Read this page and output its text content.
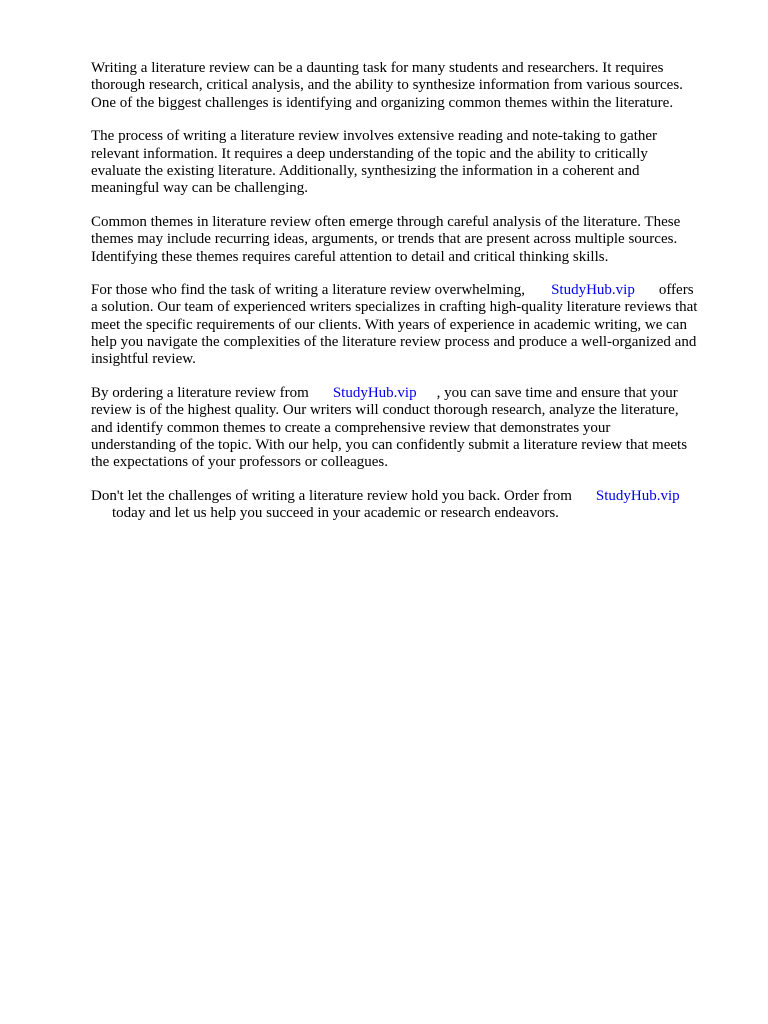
Writing a literature review can be a daunting task for many students and researchers. It requires
thorough research, critical analysis, and the ability to synthesize information from various sources.
One of the biggest challenges is identifying and organizing common themes within the literature.

The process of writing a literature review involves extensive reading and note-taking to gather
relevant information. It requires a deep understanding of the topic and the ability to critically
evaluate the existing literature. Additionally, synthesizing the information in a coherent and
meaningful way can be challenging.

Common themes in literature review often emerge through careful analysis of the literature. These
themes may include recurring ideas, arguments, or trends that are present across multiple sources.
Identifying these themes requires careful attention to detail and critical thinking skills.

For those who find the task of writing a literature review overwhelming, StudyHub.vip offers
a solution. Our team of experienced writers specializes in crafting high-quality literature reviews that
meet the specific requirements of our clients. With years of experience in academic writing, we can
help you navigate the complexities of the literature review process and produce a well-organized and
insightful review.

By ordering a literature review from StudyHub.vip , you can save time and ensure that your
review is of the highest quality. Our writers will conduct thorough research, analyze the literature,
and identify common themes to create a comprehensive review that demonstrates your
understanding of the topic. With our help, you can confidently submit a literature review that meets
the expectations of your professors or colleagues.

Don't let the challenges of writing a literature review hold you back. Order from StudyHub.vip
today and let us help you succeed in your academic or research endeavors.
